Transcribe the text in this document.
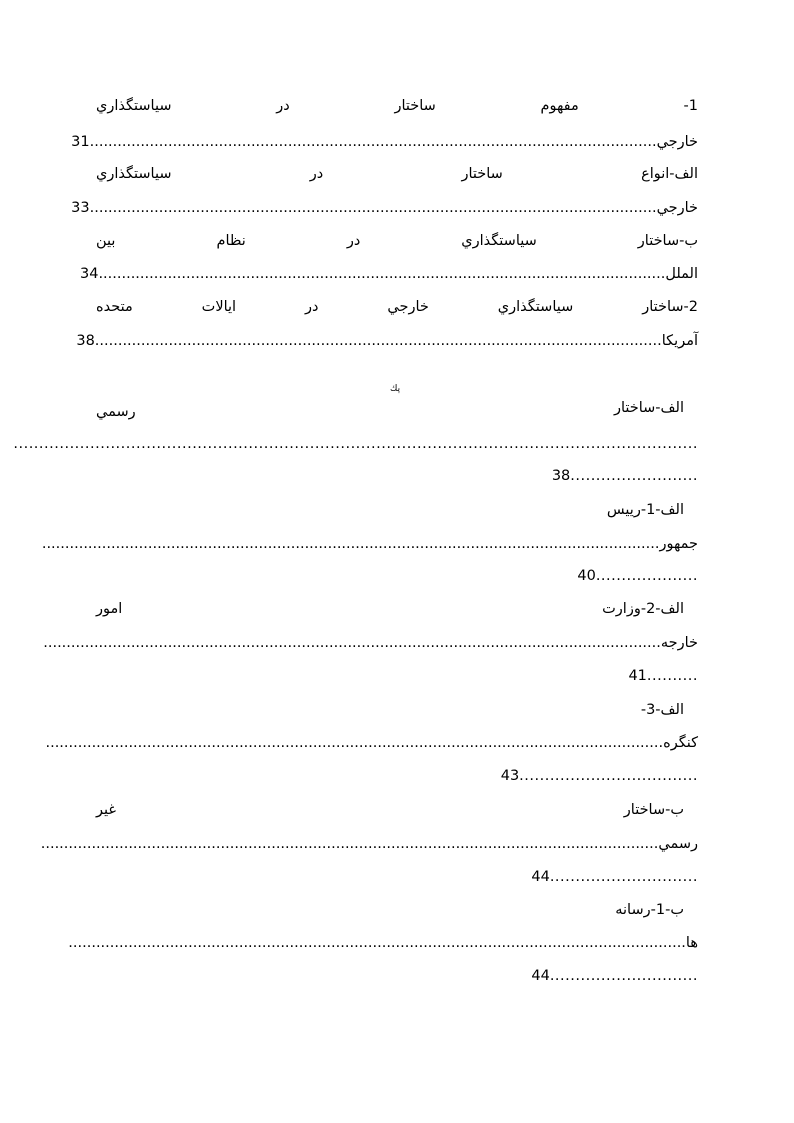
1-
مفهوم
ساختار
در
سياستگذاري
خارجي...........................................................................................................................31
الف-انواع
ساختار
در
سياستگذاري
خارجي...........................................................................................................................33
ب-ساختار
سياستگذاري
در
نظام
بين
الملل...........................................................................................................................34
2-ساختار
سياستگذاري
خارجي
در
ايالات
متحده
آمريكا...........................................................................................................................38
پك
الف-ساختار
رسمي
......................................................................................................................................
.........................38
الف-1-رييس
جمهور......................................................................................................................................
....................40
الف-2-وزارت
امور
خارجه......................................................................................................................................
..........41
الف-3-
كنگره......................................................................................................................................
...................................43
ب-ساختار
غير
رسمي......................................................................................................................................
.............................44
ب-1-رسانه
ها......................................................................................................................................
.............................44
